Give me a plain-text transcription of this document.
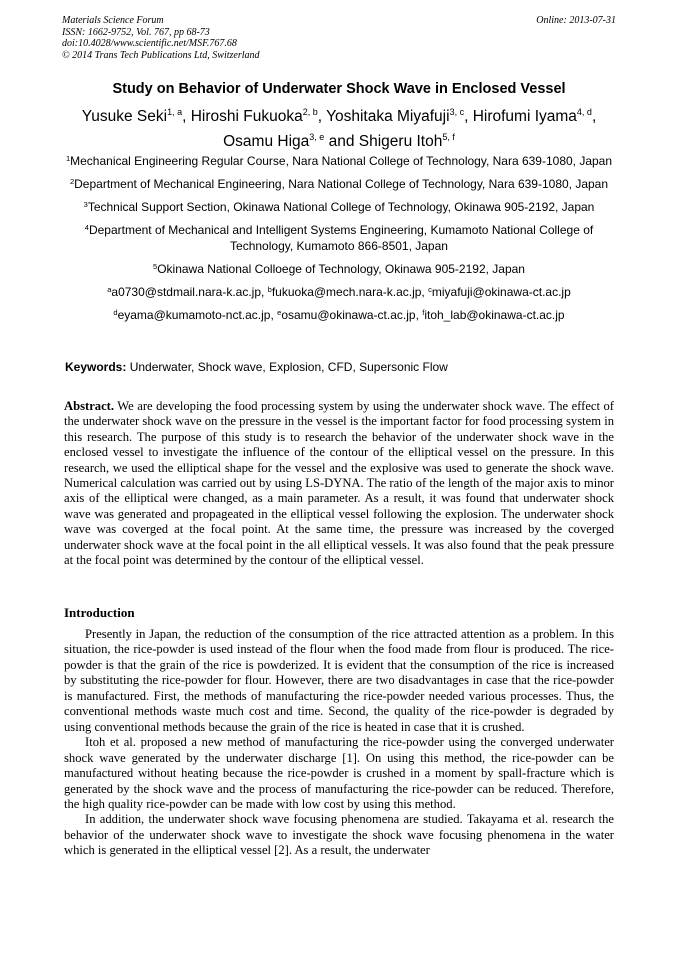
Materials Science Forum
ISSN: 1662-9752, Vol. 767, pp 68-73
doi:10.4028/www.scientific.net/MSF.767.68
© 2014 Trans Tech Publications Ltd, Switzerland
Online: 2013-07-31
Study on Behavior of Underwater Shock Wave in Enclosed Vessel
Yusuke Seki$^{1, a}$, Hiroshi Fukuoka$^{2, b}$, Yoshitaka Miyafuji$^{3, c}$, Hirofumi Iyama$^{4, d}$,
Osamu Higa$^{3, e}$ and Shigeru Itoh$^{5, f}$

$^1$Mechanical Engineering Regular Course, Nara National College of Technology, Nara 639-1080, Japan

$^2$Department of Mechanical Engineering, Nara National College of Technology, Nara 639-1080, Japan

$^3$Technical Support Section, Okinawa National College of Technology, Okinawa 905-2192, Japan

$^4$Department of Mechanical and Intelligent Systems Engineering, Kumamoto National College of Technology, Kumamoto 866-8501, Japan

$^5$Okinawa National Colloege of Technology, Okinawa 905-2192, Japan

$^a$a0730@stdmail.nara-k.ac.jp, $^b$fukuoka@mech.nara-k.ac.jp, $^c$miyafuji@okinawa-ct.ac.jp

$^d$eyama@kumamoto-nct.ac.jp, $^e$osamu@okinawa-ct.ac.jp, $^f$itoh_lab@okinawa-ct.ac.jp

Keywords: Underwater, Shock wave, Explosion, CFD, Supersonic Flow
Abstract. We are developing the food processing system by using the underwater shock wave. The effect of the underwater shock wave on the pressure in the vessel is the important factor for food processing system in this research. The purpose of this study is to research the behavior of the underwater shock wave in the enclosed vessel to investigate the influence of the contour of the elliptical vessel on the pressure. In this research, we used the elliptical shape for the vessel and the explosive was used to generate the shock wave. Numerical calculation was carried out by using LS-DYNA. The ratio of the length of the major axis to minor axis of the elliptical were changed, as a main parameter. As a result, it was found that underwater shock wave was generated and propageated in the elliptical vessel following the explosion. The underwater shock wave was coverged at the focal point. At the same time, the pressure was increased by the coverged underwater shock wave at the focal point in the all elliptical vessels. It was also found that the peak pressure at the focal point was determined by the contour of the elliptical vessel.
Introduction

Presently in Japan, the reduction of the consumption of the rice attracted attention as a problem. In this situation, the rice-powder is used instead of the flour when the food made from flour is produced. The rice-powder is that the grain of the rice is powderized. It is evident that the consumption of the rice is increased by substituting the rice-powder for flour. However, there are two disadvantages in case that the rice-powder is manufactured. First, the methods of manufacturing the rice-powder needed various processes. Thus, the conventional methods waste much cost and time. Second, the quality of the rice-powder is degraded by using conventional methods because the grain of the rice is heated in case that it is crushed.

Itoh et al. proposed a new method of manufacturing the rice-powder using the converged underwater shock wave generated by the underwater discharge [1]. On using this method, the rice-powder can be manufactured without heating because the rice-powder is crushed in a moment by spall-fracture which is generated by the shock wave and the process of manufacturing the rice-powder can be reduced. Therefore, the high quality rice-powder can be made with low cost by using this method.

In addition, the underwater shock wave focusing phenomena are studied. Takayama et al. research the behavior of the underwater shock wave to investigate the shock wave focusing phenomena in the water which is generated in the elliptical vessel [2]. As a result, the underwater
